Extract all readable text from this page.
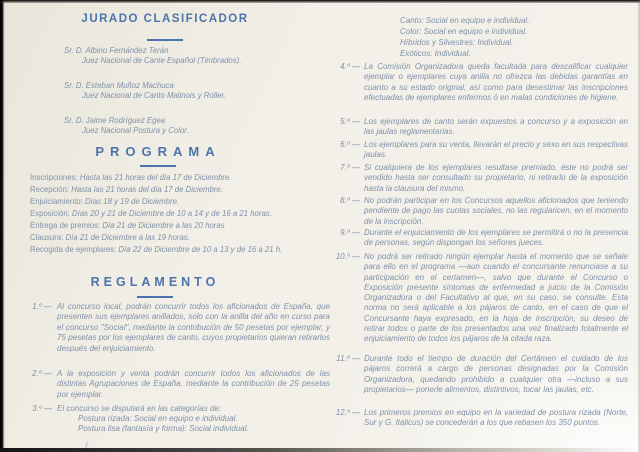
JURADO CLASIFICADOR
Sr. D. Albino Fernández Terán
Juez Nacional de Cante Español (Timbrados).
Sr. D. Esteban Muñoz Machuca
Juez Nacional de Canto Malinois y Roller.
Sr. D. Jaime Rodríguez Egea
Juez Nacional Postura y Color.
PROGRAMA
Inscripciones: Hasta las 21 horas del día 17 de Diciembre.
Recepción: Hasta las 21 horas del día 17 de Diciembre.
Enjuiciamiento: Días 18 y 19 de Diciembre.
Exposición: Días 20 y 21 de Diciembre de 10 a 14 y de 16 a 21 horas.
Entrega de premios: Día 21 de Diciembre a las 20 horas
Clausura: Día 21 de Diciembre a las 19 horas.
Recogida de ejemplares: Día 22 de Diciembre de 10 a 13 y de 16 a 21 h.
REGLAMENTO
1.º — Al concurso local, podrán concurrir todos los aficionados de España, que presenten sus ejemplares anillados, solo con la anilla del año en curso para el concurso "Social", mediante la contribución de 50 pesetas por ejemplar, y 75 pesetas por los ejemplares de canto, cuyos propietarios quieran retirarlos después del enjuiciamiento.
2.º — A la exposición y venta podrán concurrir todos los aficionados de las distintas Agrupaciones de España, mediante la contribución de 25 pesetas por ejemplar.
3.º — El concurso se disputará en las categorías de:
Postura rizada: Social en equipo e individual.
Postura lisa (fantasía y forma): Social individual.
Canto: Social en equipo e individual.
Color: Social en equipo e individual.
Híbridos y Silvestres: Individual.
Exóticos: Individual.
4.º — La Comisión Organizadora queda facultada para descalificar cualquier ejemplar o ejemplares cuya anilla no ofrezca las debidas garantías en cuanto a su estado original, así como para desestimar las inscripciones efectuadas de ejemplares enfermos ó en malas condiciones de higiene.
5.º — Los ejemplares de canto serán expuestos a concurso y a exposición en las jaulas reglamentarias.
6.º — Los ejemplares para su venta, llevarán el precio y sexo en sus respectivas jaulas.
7.º — Si cualquiera de los ejemplares resultase premiado, éste no podrá ser vendido hasta ser consultado su propietario, ni retirarlo de la exposición hasta la clausura del mismo.
8.º — No podrán participar en los Concursos aquellos aficionados que teniendo pendiente de pago las cuotas sociales, no las regularicen, en el momento de la inscripción.
9.º — Durante el enjuiciamiento de los ejemplares se permitirá o no la presencia de personas, según dispongan los señores jueces.
10.º — No podrá ser retirado ningún ejemplar hasta el momento que se señale para ello en el programa —aun cuando el concursante renunciase a su participación en el certamen—, salvo que durante el Concurso o Exposición presente síntomas de enfermedad a juicio de la Comisión Organizadora o del Facultativo al que, en su caso, se consulte. Esta norma no será aplicable a los pájaros de canto, en el caso de que el Concursante haya expresado, en la hoja de inscripción, su deseo de retirar todos o parte de los presentados una vez finalizado totalmente el enjuiciamiento de todos los pájaros de la citada raza.
11.º — Durante todo el tiempo de duración del Certámen el cuidado de los pájaros correrá a cargo de personas designadas por la Comisión Organizadora, quedando prohibido a cualquier otra —incluso a sus propietarios— ponerle alimentos, distintivos, tocar las jaulas, etc.
12.º — Los primeros premios en equipo en la variedad de postura rizada (Norte, Sur y G. Italicus) se concederán a los que rebasen los 350 puntos.
